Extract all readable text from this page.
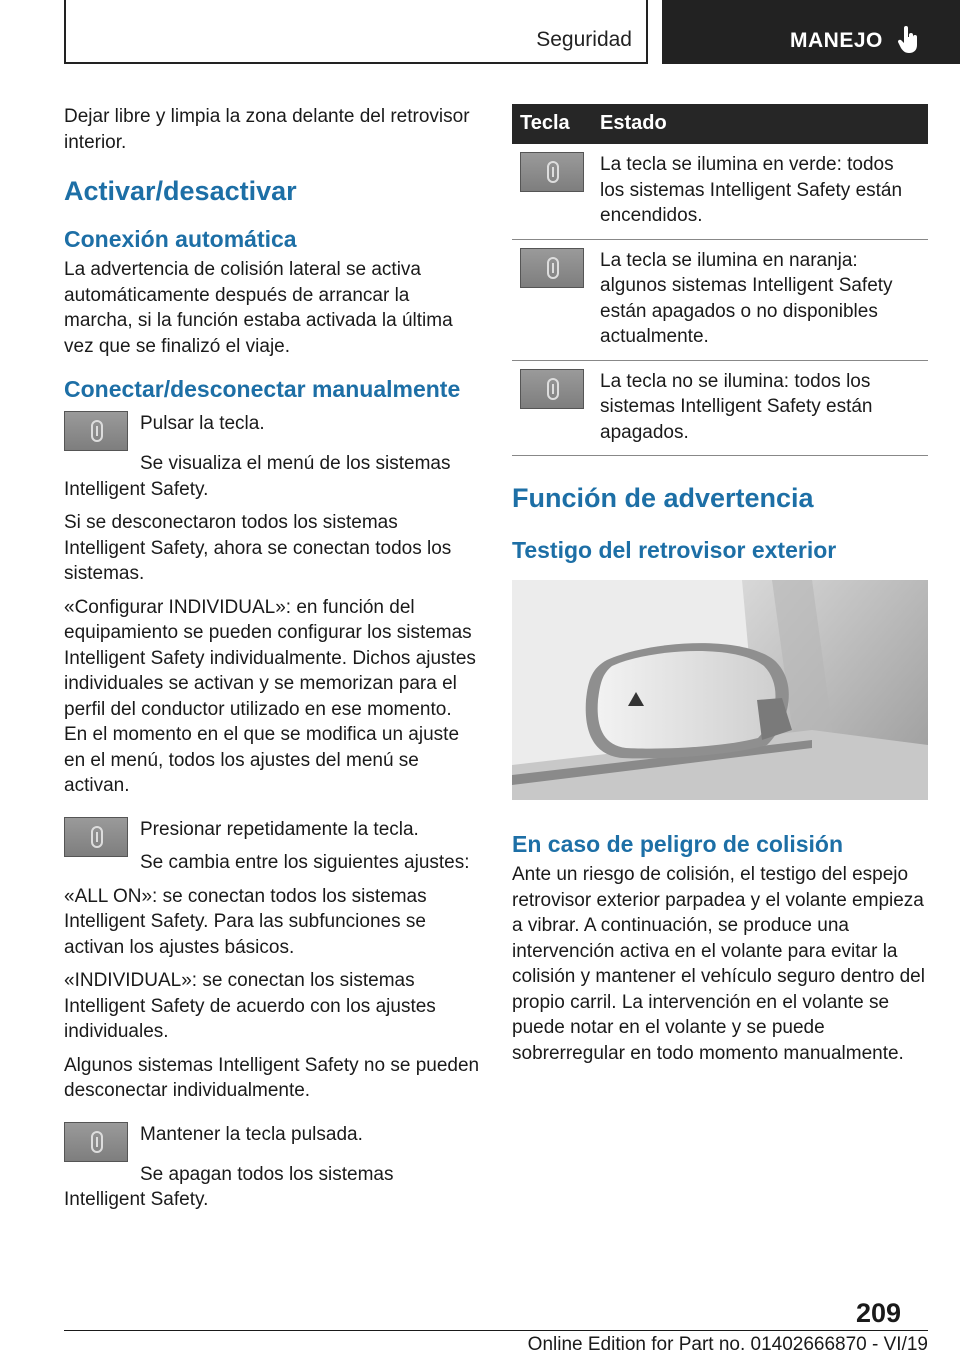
Seguridad	MANEJO

Dejar libre y limpia la zona delante del retrovisor interior.

Activar/desactivar
Conexión automática

La advertencia de colisión lateral se activa automáticamente después de arrancar la marcha, si la función estaba activada la última vez que se finalizó el viaje.

Conectar/desconectar manualmente

Pulsar la tecla.

Se visualiza el menú de los sistemas Intelligent Safety.

Si se desconectaron todos los sistemas Intelligent Safety, ahora se conectan todos los sistemas.

«Configurar INDIVIDUAL»: en función del equipamiento se pueden configurar los sistemas Intelligent Safety individualmente. Dichos ajustes individuales se activan y se memorizan para el perfil del conductor utilizado en ese momento. En el momento en el que se modifica un ajuste en el menú, todos los ajustes del menú se activan.

Presionar repetidamente la tecla.

Se cambia entre los siguientes ajustes:

«ALL ON»: se conectan todos los sistemas Intelligent Safety. Para las subfunciones se activan los ajustes básicos.

«INDIVIDUAL»: se conectan los sistemas Intelligent Safety de acuerdo con los ajustes individuales.

Algunos sistemas Intelligent Safety no se pueden desconectar individualmente.

Mantener la tecla pulsada.

Se apagan todos los sistemas Intelligent Safety.

Tecla	Estado

	La tecla se ilumina en verde: todos los sistemas Intelligent Safety están encendidos.

	La tecla se ilumina en naranja: algunos sistemas Intelligent Safety están apagados o no disponibles actualmente.

	La tecla no se ilumina: todos los sistemas Intelligent Safety están apagados.
Función de advertencia
Testigo del retrovisor exterior
En caso de peligro de colisión

Ante un riesgo de colisión, el testigo del espejo retrovisor exterior parpadea y el volante empieza a vibrar. A continuación, se produce una intervención activa en el volante para evitar la colisión y mantener el vehículo seguro dentro del propio carril. La intervención en el volante se puede notar en el volante y se puede sobrerregular en todo momento manualmente.

209
Online Edition for Part no. 01402666870 - VI/19
